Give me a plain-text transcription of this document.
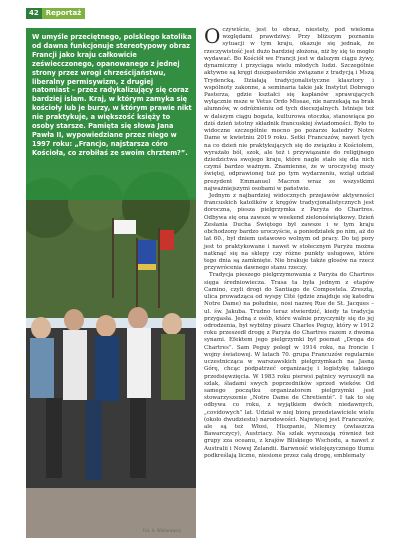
42	Reportaż

W umyśle przeciętnego, polskiego katolika od dawna funkcjonuje stereotypowy obraz Francji jako kraju całkowicie zeświecczonego, opanowanego z jednej strony przez wrogi chrześcijaństwu, liberalny permisywizm, z drugiej natomiast – przez radykalizujący się coraz bardziej islam. Kraj, w którym zamyka się kościoły lub je burzy, w którym prawie nikt nie praktykuje, a większość księży to osoby starsze. Pamięta się słowa Jana Pawła II, wypowiedziane przez niego w 1997 roku: „Francjo, najstarsza córo Kościoła, co zrobiłaś ze swoim chrztem?”.

Fot. A. Wiktorowicz

Oczywiście, jest to obraz, niestety, pod wieloma względami prawdziwy. Przy bliższym poznaniu sytuacji w tym kraju, okazuje się jednak, że rzeczywistość jest dużo bardziej złożona, niż by się to mogło wydawać. Bo Kościół we Francji jest w dalszym ciągu żywy, dynamiczny i przyciąga wielu młodych ludzi. Szczególnie aktywne są kręgi duszpasterskie związane z tradycją i Mszą Trydencką. Działają tradycjonalistyczne klasztory i wspólnoty zakonne, a seminaria takie jak Instytut Dobrego Pasterza, gdzie kształci się kapłanów sprawujących wyłącznie msze w Vetus Ordo Missae, nie narzekają na brak alumnów, w odróżnieniu od tych diecezjalnych. Istnieje też w dalszym ciągu bogata, kulturowa otoczka, stanowiąca po dziś dzień istotny składnik francuskiej świadomości. Było to widoczne szczególnie mocno po pożarze katedry Notre Dame w kwietniu 2019 roku. Setki Francuzów, nawet tych na co dzień nie praktykujących się do związku z Kościołem, wyrażało ból, szok, ale też i przywiązanie do religijnego dziedzictwa swojego kraju, które nagle stało się dla nich czymś bardzo ważnym. Znamienne, że w uroczystej mszy świętej, odprawionej tuż po tym wydarzeniu, wziął udział prezydent Emmanuel Macron wraz ze wszystkimi najważniejszymi osobami w państwie.

Jednym z najbardziej widocznych przejawów aktywności francuskich katolików z kręgów tradycjonalistycznych jest doroczna, piesza pielgrzymka z Paryża do Chartres. Odbywa się ona zawsze w weekend zielonoświątkowy. Dzień Zesłania Ducha Świętego był zawsze i w tym kraju obchodzony bardzo uroczyście, a poniedziałek po nim, aż do lat 60., był dniem ustawowo wolnym od pracy. Do tej pory jest to praktykowane i nawet w stołecznym Paryżu można natknąć się na sklepy czy różne punkty usługowe, które tego dnia są zamknięte. Nie brakuje także głosów na rzecz przywrócenia dawnego stanu rzeczy.

Tradycja pieszego pielgrzymowania z Paryża do Chartres sięga średniowiecza. Trasa ta była jednym z etapów Camino, czyli drogi do Santiago de Compostela. Zresztą, ulica prowadząca od wyspy Cité (gdzie znajduje się katedra Notre Dame) na południe, nosi nazwę Rue de St. Jacques – ul. św. Jakuba. Trudno teraz stwierdzić, kiedy ta tradycja przygasła. Jedną z osób, które walnie przyczyniły się do jej odrodzenia, był wybitny pisarz Charles Peguy, który w 1912 roku przeszedł drogę z Paryża do Chartres razem z dwoma synami. Efektem jego pielgrzymki był poemat „Droga do Chartres”. Sam Peguy poległ w 1914 roku, na froncie I wojny światowej. W latach 70. grupa Francuzów regularnie uczestnicząca w warszawskich pielgrzymkach na Jasną Górę, chcąc podpatrzeć organizację i logistykę takiego przedsięwzięcia. W 1983 roku pierwsi pątnicy wyruszyli na szlak, śladami swych poprzedników sprzed wieków. Od samego początku organizatorem pielgrzymki jest stowarzyszenie „Notre Dame de Chretienté”. I tak to się odbywa co roku, z wyjątkiem dwóch niedawnych, „covidowych” lat. Udział w niej biorą przedstawiciele wielu (około dwudziestu) narodowości. Najwięcej jest Francuzów, ale są też Włosi, Hiszpanie, Niemcy (zwłaszcza Bawarczycy), Austriacy. Na szlak wyruszają również też grupy zza oceanu, z krajów Bliskiego Wschodu, a nawet z Australii i Nowej Zelandii. Barwność wielojęzycznego tłumu podkreślają liczne, niesione przez całą drogę, emblematy
